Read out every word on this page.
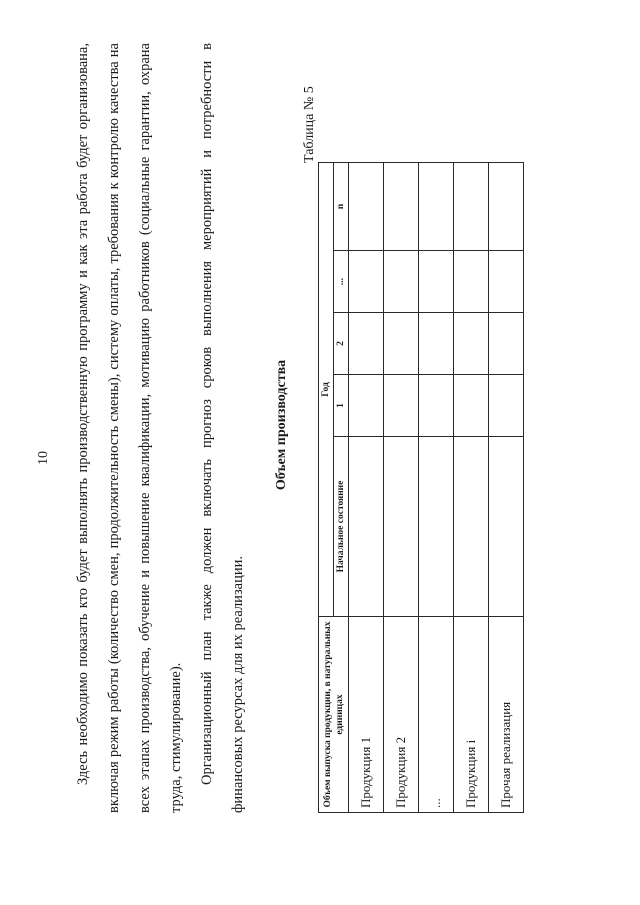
10	Здесь необходимо показать кто будет выполнять производственную программу и как эта работа будет организована, включая режим работы (количество смен, продолжительность смены), систему оплаты, требования к контролю качества на всех этапах производства, обучение и повышение квалификации, мотивацию работников (социальные гарантии, охрана труда, стимулирование).	Организационный план также должен включать прогноз сроков выполнения мероприятий и потребности в финансовых ресурсах для их реализации.

Объем производства
Таблица № 5
Объем выпуска продукции, в натуральных единицах	Год				
	Начальное состояние	1	2	...	n
Продукция 1					
Продукция 2					
...					
Продукция i					
Прочая реализация					
